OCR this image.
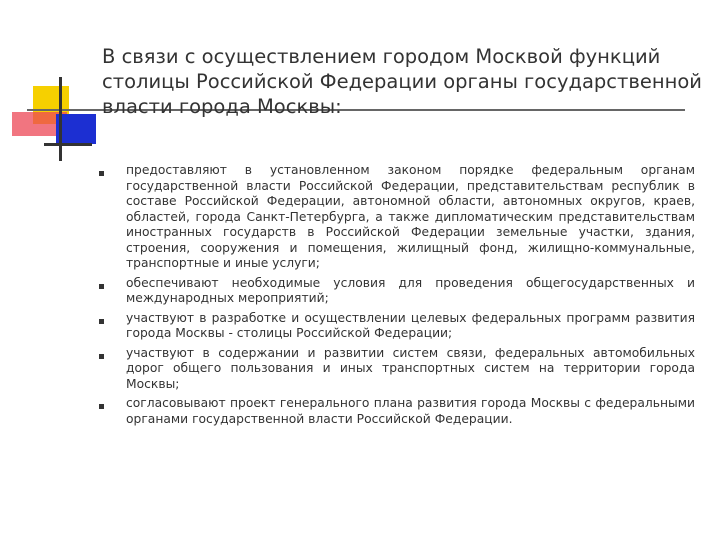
В связи с осуществлением городом Москвой функций столицы Российской Федерации органы государственной власти города Москвы:
предоставляют в установленном законом порядке федеральным органам государственной власти Российской Федерации, представительствам республик в составе Российской Федерации, автономной области, автономных округов, краев, областей, города Санкт-Петербурга, а также дипломатическим представительствам иностранных государств в Российской Федерации земельные участки, здания, строения, сооружения и помещения, жилищный фонд, жилищно-коммунальные, транспортные и иные услуги;
обеспечивают необходимые условия для проведения общегосударственных и международных мероприятий;
участвуют в разработке и осуществлении целевых федеральных программ развития города Москвы - столицы Российской Федерации;
участвуют в содержании и развитии систем связи, федеральных автомобильных дорог общего пользования и иных транспортных систем на территории города Москвы;
согласовывают проект генерального плана развития города Москвы с федеральными органами государственной власти Российской Федерации.
